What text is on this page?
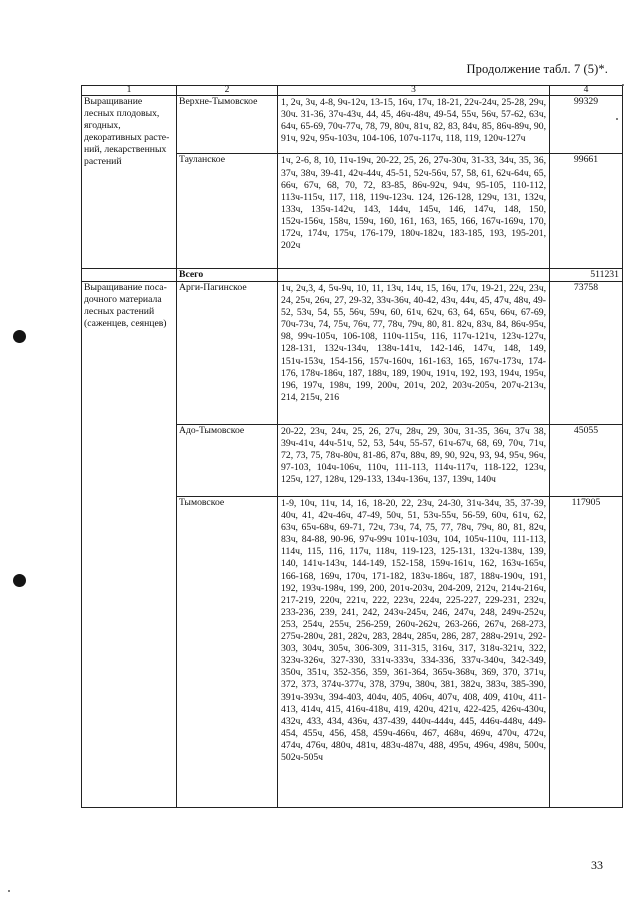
Продолжение табл. 7 (5)*.
1	2	3	4
Выращивание лесных плодовых, ягодных, декоративных расте-ний, лекарственных растений	Верхне-Тымовское	1, 2ч, 3ч, 4-8, 9ч-12ч, 13-15, 16ч, 17ч, 18-21, 22ч-24ч, 25-28, 29ч, 30ч. 31-36, 37ч-43ч, 44, 45, 46ч-48ч, 49-54, 55ч, 56ч, 57-62, 63ч, 64ч, 65-69, 70ч-77ч, 78, 79, 80ч, 81ч, 82, 83, 84ч, 85, 86ч-89ч, 90, 91ч, 92ч, 95ч-103ч, 104-106, 107ч-117ч, 118, 119, 120ч-127ч	99329
	Тауланское	1ч, 2-6, 8, 10, 11ч-19ч, 20-22, 25, 26, 27ч-30ч, 31-33, 34ч, 35, 36, 37ч, 38ч, 39-41, 42ч-44ч, 45-51, 52ч-56ч, 57, 58, 61, 62ч-64ч, 65, 66ч, 67ч, 68, 70, 72, 83-85, 86ч-92ч, 94ч, 95-105, 110-112, 113ч-115ч, 117, 118, 119ч-123ч. 124, 126-128, 129ч, 131, 132ч, 133ч, 135ч-142ч, 143, 144ч, 145ч, 146, 147ч, 148, 150, 152ч-156ч, 158ч, 159ч, 160, 161, 163, 165, 166, 167ч-169ч, 170, 172ч, 174ч, 175ч, 176-179, 180ч-182ч, 183-185, 193, 195-201, 202ч	99661
	Всего		511231
Выращивание поса-дочного материала лесных растений (саженцев, сеянцев)	Арги-Пагинское	1ч, 2ч,3, 4, 5ч-9ч, 10, 11, 13ч, 14ч, 15, 16ч, 17ч, 19-21, 22ч, 23ч, 24, 25ч, 26ч, 27, 29-32, 33ч-36ч, 40-42, 43ч, 44ч, 45, 47ч, 48ч, 49-52, 53ч, 54, 55, 56ч, 59ч, 60, 61ч, 62ч, 63, 64, 65ч, 66ч, 67-69, 70ч-73ч, 74, 75ч, 76ч, 77, 78ч, 79ч, 80, 81. 82ч, 83ч, 84, 86ч-95ч, 98, 99ч-105ч, 106-108, 110ч-115ч, 116, 117ч-121ч, 123ч-127ч, 128-131, 132ч-134ч, 138ч-141ч, 142-146, 147ч, 148, 149, 151ч-153ч, 154-156, 157ч-160ч, 161-163, 165, 167ч-173ч, 174-176, 178ч-186ч, 187, 188ч, 189, 190ч, 191ч, 192, 193, 194ч, 195ч, 196, 197ч, 198ч, 199, 200ч, 201ч, 202, 203ч-205ч, 207ч-213ч, 214, 215ч, 216	73758
	Адо-Тымовское	20-22, 23ч, 24ч, 25, 26, 27ч, 28ч, 29, 30ч, 31-35, 36ч, 37ч 38, 39ч-41ч, 44ч-51ч, 52, 53, 54ч, 55-57, 61ч-67ч, 68, 69, 70ч, 71ч, 72, 73, 75, 78ч-80ч, 81-86, 87ч, 88ч, 89, 90, 92ч, 93, 94, 95ч, 96ч, 97-103, 104ч-106ч, 110ч, 111-113, 114ч-117ч, 118-122, 123ч, 125ч, 127, 128ч, 129-133, 134ч-136ч, 137, 139ч, 140ч	45055
	Тымовское	1-9, 10ч, 11ч, 14, 16, 18-20, 22, 23ч, 24-30, 31ч-34ч, 35, 37-39, 40ч, 41, 42ч-46ч, 47-49, 50ч, 51, 53ч-55ч, 56-59, 60ч, 61ч, 62, 63ч, 65ч-68ч, 69-71, 72ч, 73ч, 74, 75, 77, 78ч, 79ч, 80, 81, 82ч, 83ч, 84-88, 90-96, 97ч-99ч 101ч-103ч, 104, 105ч-110ч, 111-113, 114ч, 115, 116, 117ч, 118ч, 119-123, 125-131, 132ч-138ч, 139, 140, 141ч-143ч, 144-149, 152-158, 159ч-161ч, 162, 163ч-165ч, 166-168, 169ч, 170ч, 171-182, 183ч-186ч, 187, 188ч-190ч, 191, 192, 193ч-198ч, 199, 200, 201ч-203ч, 204-209, 212ч, 214ч-216ч, 217-219, 220ч, 221ч, 222, 223ч, 224ч, 225-227, 229-231, 232ч, 233-236, 239, 241, 242, 243ч-245ч, 246, 247ч, 248, 249ч-252ч, 253, 254ч, 255ч, 256-259, 260ч-262ч, 263-266, 267ч, 268-273, 275ч-280ч, 281, 282ч, 283, 284ч, 285ч, 286, 287, 288ч-291ч, 292-303, 304ч, 305ч, 306-309, 311-315, 316ч, 317, 318ч-321ч, 322, 323ч-326ч, 327-330, 331ч-333ч, 334-336, 337ч-340ч, 342-349, 350ч, 351ч, 352-356, 359, 361-364, 365ч-368ч, 369, 370, 371ч, 372, 373, 374ч-377ч, 378, 379ч, 380ч, 381, 382ч, 383ч, 385-390, 391ч-393ч, 394-403, 404ч, 405, 406ч, 407ч, 408, 409, 410ч, 411-413, 414ч, 415, 416ч-418ч, 419, 420ч, 421ч, 422-425, 426ч-430ч, 432ч, 433, 434, 436ч, 437-439, 440ч-444ч, 445, 446ч-448ч, 449-454, 455ч, 456, 458, 459ч-466ч, 467, 468ч, 469ч, 470ч, 472ч, 474ч, 476ч, 480ч, 481ч, 483ч-487ч, 488, 495ч, 496ч, 498ч, 500ч, 502ч-505ч	117905
33
